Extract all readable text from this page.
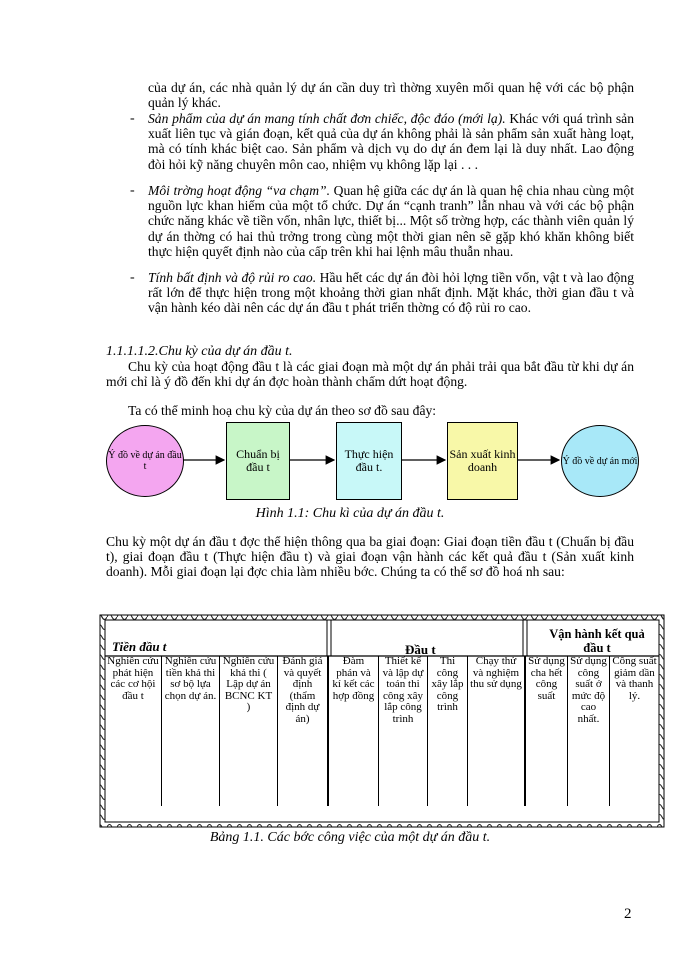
của dự án, các nhà quản lý dự án cần duy trì thờng xuyên mối quan hệ với các bộ phận quản lý khác.
- Sản phẩm của dự án mang tính chất đơn chiếc, độc đáo (mới lạ). Khác với quá trình sản xuất liên tục và gián đoạn, kết quả của dự án không phải là sản phẩm sản xuất hàng loạt, mà có tính khác biệt cao. Sản phẩm và dịch vụ do dự án đem lại là duy nhất. Lao động đòi hỏi kỹ năng chuyên môn cao, nhiệm vụ không lặp lại . . .
- Môi trờng hoạt động “va chạm”. Quan hệ giữa các dự án là quan hệ chia nhau cùng một nguồn lực khan hiếm của một tổ chức. Dự án “cạnh tranh” lẫn nhau và với các bộ phận chức năng khác về tiền vốn, nhân lực, thiết bị... Một số trờng hợp, các thành viên quản lý dự án thờng có hai thủ trởng trong cùng một thời gian nên sẽ gặp khó khăn không biết thực hiện quyết định nào của cấp trên khi hai lệnh mâu thuẫn nhau.
- Tính bất định và độ rủi ro cao. Hầu hết các dự án đòi hỏi lợng tiền vốn, vật t và lao động rất lớn để thực hiện trong một khoảng thời gian nhất định. Mặt khác, thời gian đầu t và vận hành kéo dài nên các dự án đầu t phát triển thờng có độ rủi ro cao.
1.1.1.1.2.Chu kỳ của dự án đầu t.
Chu kỳ của hoạt động đầu t là các giai đoạn mà một dự án phải trải qua bắt đầu từ khi dự án mới chỉ là ý đồ đến khi dự án đợc hoàn thành chấm dứt hoạt động.
Ta có thể minh hoạ chu kỳ của dự án theo sơ đồ sau đây:
Ý đồ về dự án đầu t
Chuẩn bị đầu t
Thực hiện đầu t.
Sản xuất kinh doanh	Ý đồ về dự án mới
Hình 1.1: Chu kì của dự án đầu t.
Chu kỳ một dự án đầu t đợc thể hiện thông qua ba giai đoạn: Giai đoạn tiền đầu t (Chuẩn bị đầu t), giai đoạn đầu t (Thực hiện đầu t) và giai đoạn vận hành các kết quả đầu t (Sản xuất kinh doanh). Mỗi giai đoạn lại đợc chia làm nhiều bớc. Chúng ta có thể sơ đồ hoá nh sau:
Tiền đầu t	Đầu t
Vận hành kết quả đầu t
Nghiên cứu phát hiện các cơ hội đầu t
Nghiên cứu tiền khả thi sơ bộ lựa chọn dự án.
Nghiên cứu khả thi ( Lập dự án BCNC KT )
Đánh giá và quyết định (thẩm định dự án)
Đàm phán và kí kết các hợp đồng
Thiết kế và lập dự toán thi công xây lắp công trình
Thi công xây lắp công trình
Chạy thử và nghiệm thu sử dụng
Sử dụng cha hết công suất
Sử dụng công suất ở mức độ cao nhất.
Công suất giảm dần và thanh lý.
Bảng 1.1. Các bớc công việc của một dự án đầu t.
2
